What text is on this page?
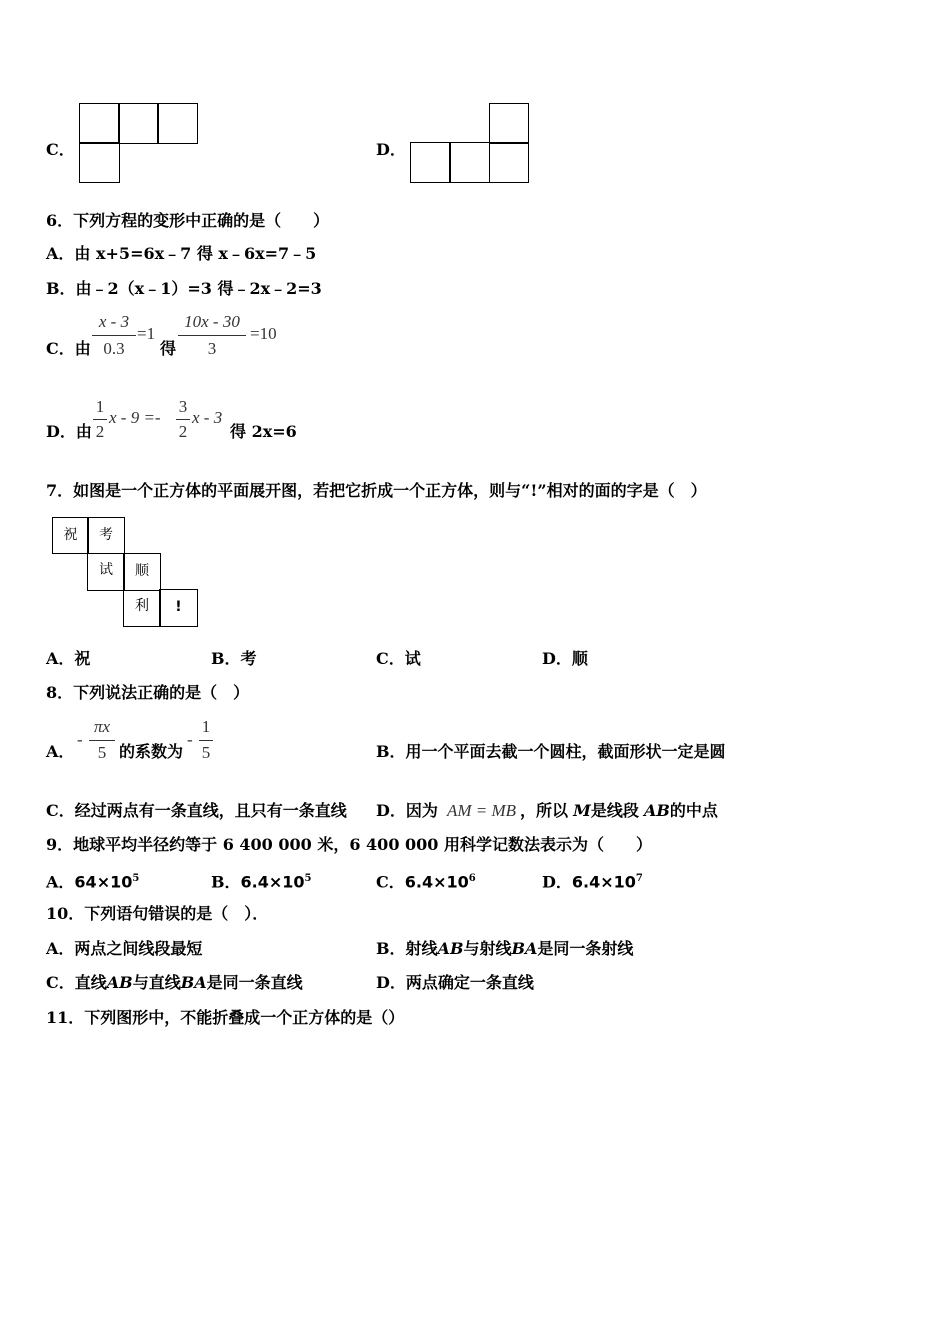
C．	D．
6．下列方程的变形中正确的是（　　）
A．由 x+5=6x﹣7 得 x﹣6x=7﹣5
B．由﹣2（x﹣1）=3 得﹣2x﹣2=3
C．由
x - 3
0.3
=1
得
10x - 30
3
=10
D．由
1
2
x - 9 =-
3
2
x - 3
得 2x=6
7．如图是一个正方体的平面展开图，若把它折成一个正方体，则与“!”相对的面的字是（　）
祝	考
试	顺
利	!
A．祝	B．考	C．试	D．顺
8．下列说法正确的是（　）
A．
-
πx
5 的系数为
-
1
5	B．用一个平面去截一个圆柱，截面形状一定是圆
C．经过两点有一条直线，且只有一条直线 D．因为 AM = MB ，所以 M是线段 AB的中点
9．地球平均半径约等于 6 400 000 米，6 400 000 用科学记数法表示为（　　）
A．$64\times 10^5$	B．$6.4\times 10^5$	C．$6.4\times 10^6$	D．$6.4\times 10^7$
10．下列语句错误的是（　）．
A．两点之间线段最短	B．射线AB与射线BA是同一条射线
C．直线AB与直线BA是同一条直线	D．两点确定一条直线
11．下列图形中，不能折叠成一个正方体的是（）
